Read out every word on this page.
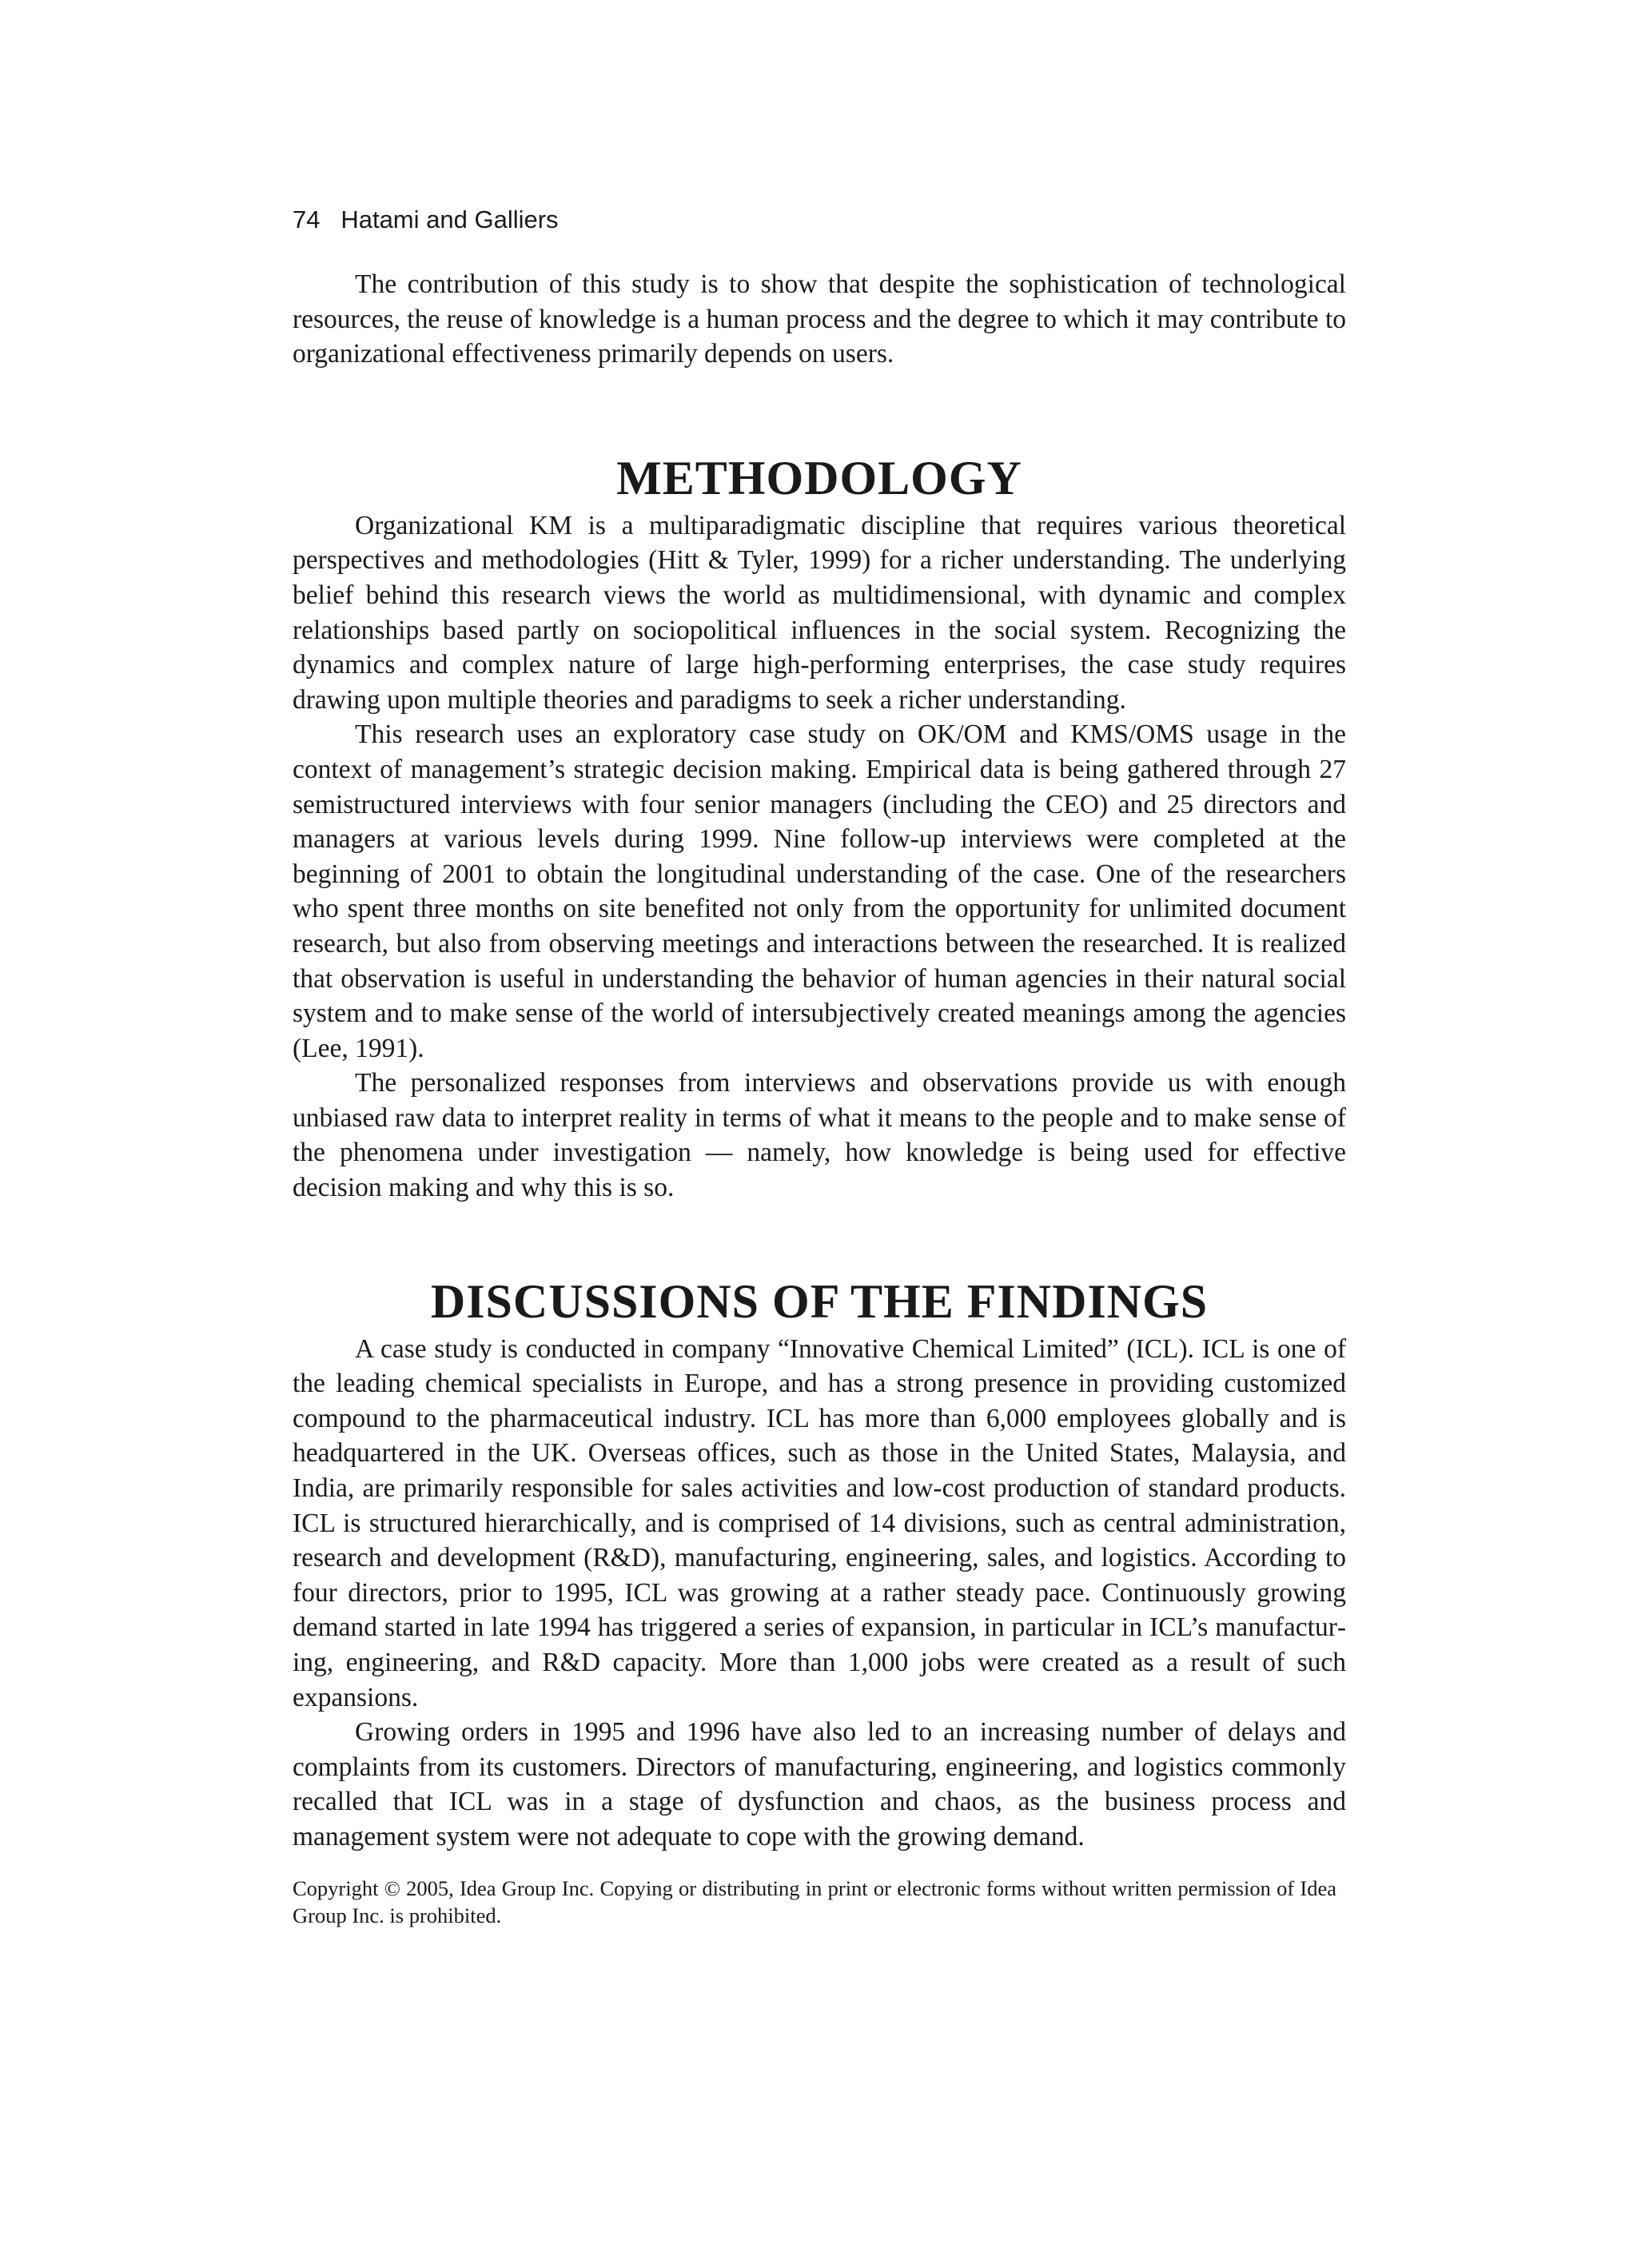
74 Hatami and Galliers

The contribution of this study is to show that despite the sophistication of technological resources, the reuse of knowledge is a human process and the degree to which it may contribute to organizational effectiveness primarily depends on users.

METHODOLOGY

Organizational KM is a multiparadigmatic discipline that requires various theoretical perspectives and methodologies (Hitt & Tyler, 1999) for a richer understanding. The underlying belief behind this research views the world as multidimensional, with dynamic and complex relationships based partly on sociopolitical influences in the social system. Recognizing the dynamics and complex nature of large high-performing enterprises, the case study requires drawing upon multiple theories and paradigms to seek a richer understanding.

This research uses an exploratory case study on OK/OM and KMS/OMS usage in the context of management’s strategic decision making. Empirical data is being gathered through 27 semistructured interviews with four senior managers (including the CEO) and 25 directors and managers at various levels during 1999. Nine follow-up interviews were completed at the beginning of 2001 to obtain the longitudinal understanding of the case. One of the researchers who spent three months on site benefited not only from the opportunity for unlimited document research, but also from observing meetings and interactions between the researched. It is realized that observation is useful in understanding the behavior of human agencies in their natural social system and to make sense of the world of intersubjectively created meanings among the agencies (Lee, 1991).

The personalized responses from interviews and observations provide us with enough unbiased raw data to interpret reality in terms of what it means to the people and to make sense of the phenomena under investigation — namely, how knowledge is being used for effective decision making and why this is so.

DISCUSSIONS OF THE FINDINGS

A case study is conducted in company “Innovative Chemical Limited” (ICL). ICL is one of the leading chemical specialists in Europe, and has a strong presence in providing customized compound to the pharmaceutical industry. ICL has more than 6,000 employees globally and is headquartered in the UK. Overseas offices, such as those in the United States, Malaysia, and India, are primarily responsible for sales activities and low-cost production of standard products. ICL is structured hierarchically, and is comprised of 14 divisions, such as central administration, research and development (R&D), manufacturing, engineering, sales, and logistics. According to four directors, prior to 1995, ICL was growing at a rather steady pace. Continuously growing demand started in late 1994 has triggered a series of expansion, in particular in ICL’s manufacturing, engineering, and R&D capacity. More than 1,000 jobs were created as a result of such expansions.

Growing orders in 1995 and 1996 have also led to an increasing number of delays and complaints from its customers. Directors of manufacturing, engineering, and logistics commonly recalled that ICL was in a stage of dysfunction and chaos, as the business process and management system were not adequate to cope with the growing demand.

Copyright © 2005, Idea Group Inc. Copying or distributing in print or electronic forms without written permission of Idea Group Inc. is prohibited.
